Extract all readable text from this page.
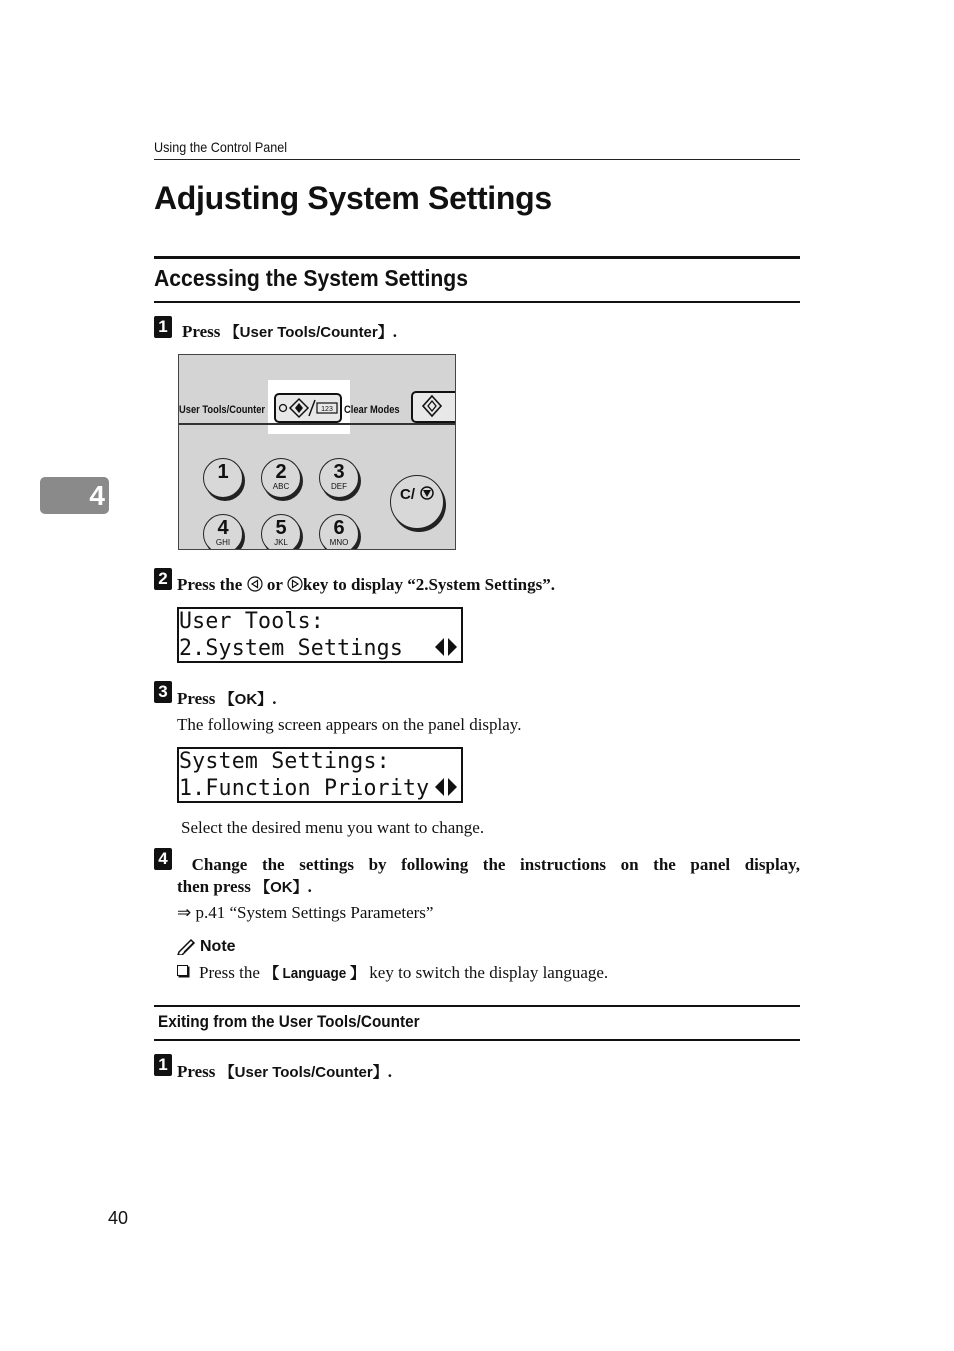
Using the Control Panel
Adjusting System Settings
4
Accessing the System Settings
1 Press 【User Tools/Counter】.
User Tools/Counter	123 Clear Modes
1	2
ABC
3
DEF
4
GHI
5
JKL
6
MNO
C/
2 Press the  or key to display “2.System Settings”.
User Tools:
2.System Settings
3 Press 【OK】.
The following screen appears on the panel display.
System Settings:
1.Function Priority
Select the desired menu you want to change.
4	Change the settings by following the instructions on the panel display,
then press 【OK】.
⇒ p.41 “System Settings Parameters”
Note
Press the 【 Language 】 key to switch the display language.
Exiting from the User Tools/Counter
1 Press 【User Tools/Counter】.
40
